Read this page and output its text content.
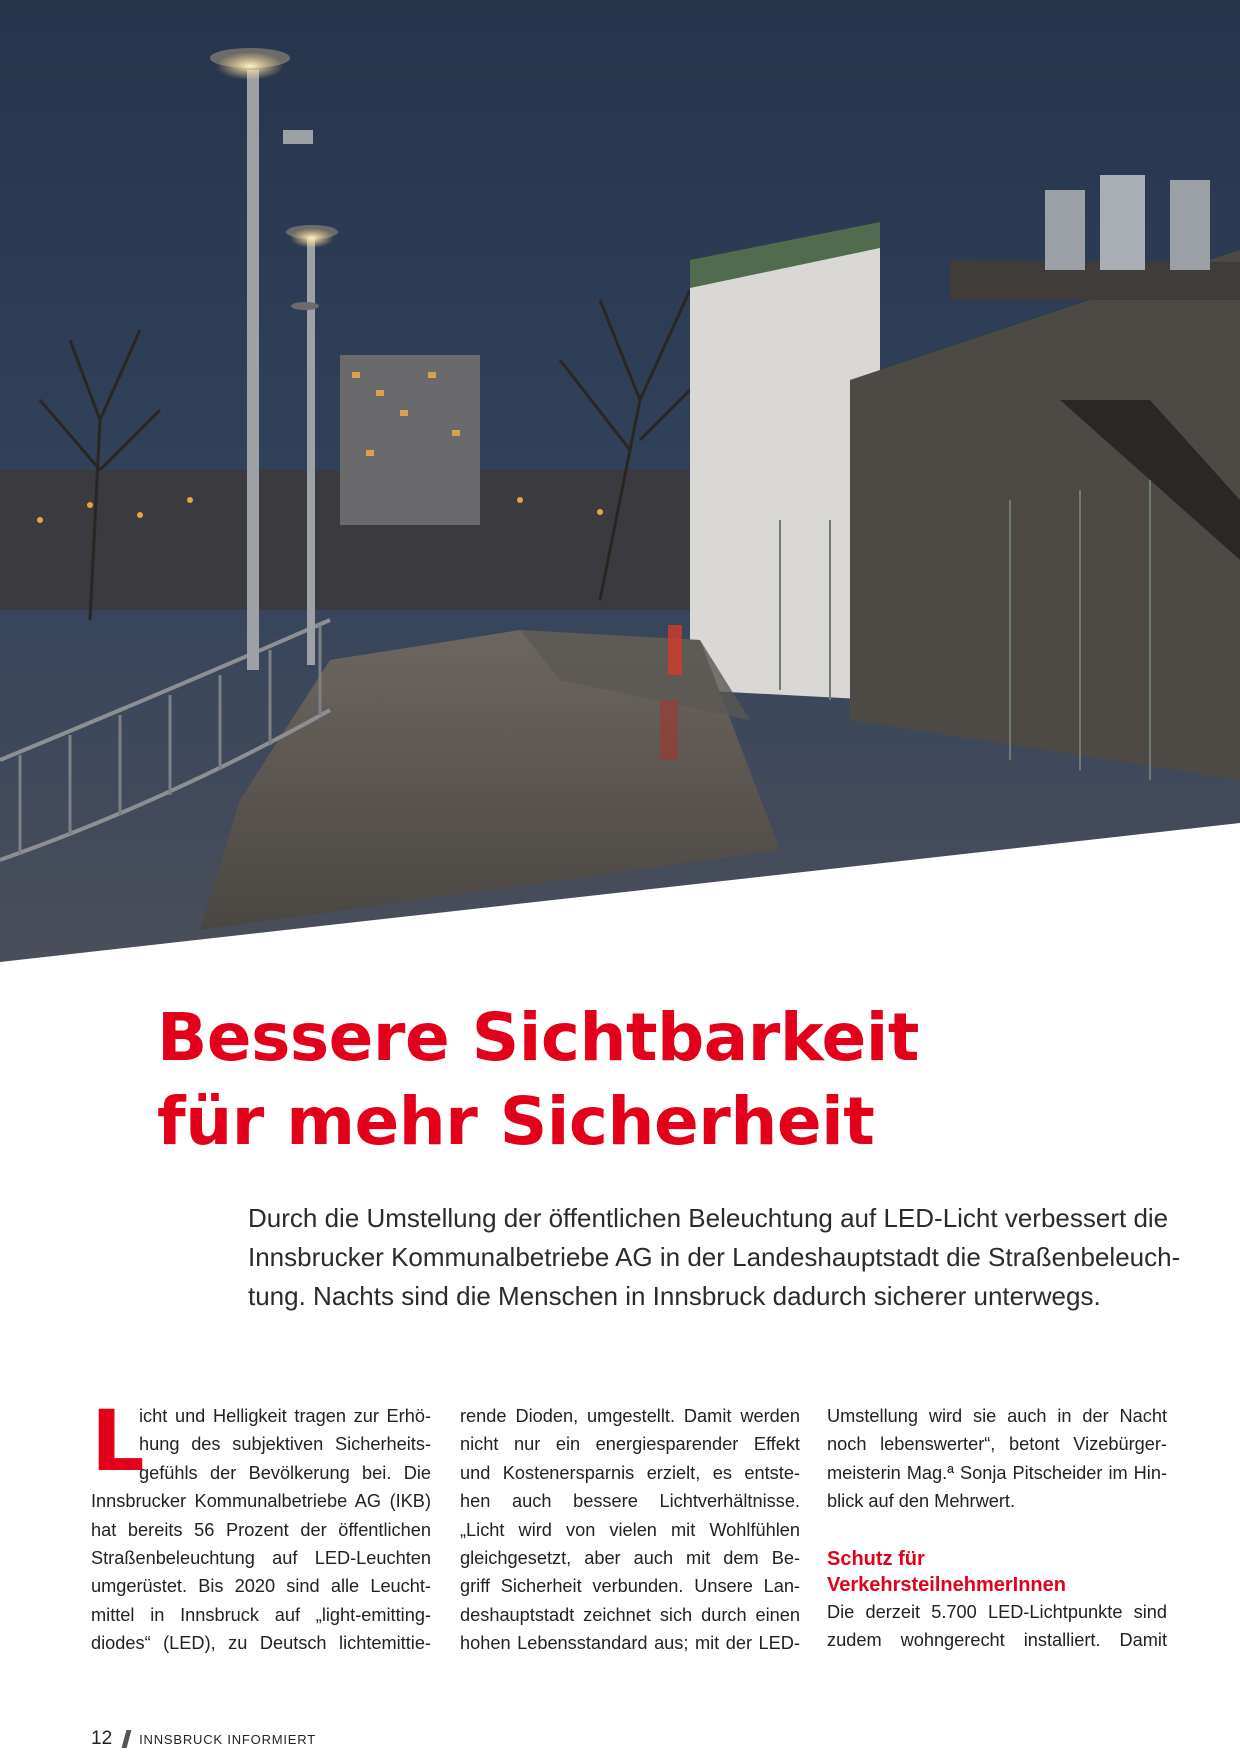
Bessere Sichtbarkeit
für mehr Sicherheit

Durch die Umstellung der öffentlichen Beleuchtung auf LED-Licht verbessert die
Innsbrucker Kommunalbetriebe AG in der Landeshauptstadt die Straßenbeleuch-
tung. Nachts sind die Menschen in Innsbruck dadurch sicherer unterwegs.

L
icht und Helligkeit tragen zur Erhö-
hung des subjektiven Sicherheits-
gefühls der Bevölkerung bei. Die
Innsbrucker Kommunalbetriebe AG (IKB)
hat bereits 56 Prozent der öffentlichen
Straßenbeleuchtung auf LED-Leuchten
umgerüstet. Bis 2020 sind alle Leucht-
mittel in Innsbruck auf „light-emitting-
diodes“ (LED), zu Deutsch lichtemittie-
rende Dioden, umgestellt. Damit werden
nicht nur ein energiesparender Effekt
und Kostenersparnis erzielt, es entste-
hen auch bessere Lichtverhältnisse.
„Licht wird von vielen mit Wohlfühlen
gleichgesetzt, aber auch mit dem Be-
griff Sicherheit verbunden. Unsere Lan-
deshauptstadt zeichnet sich durch einen
hohen Lebensstandard aus; mit der LED-
Umstellung wird sie auch in der Nacht
noch lebenswerter“, betont Vizebürger-
meisterin Mag.ª Sonja Pitscheider im Hin-
blick auf den Mehrwert.
Schutz für
VerkehrsteilnehmerInnen
Die derzeit 5.700 LED-Lichtpunkte sind
zudem wohngerecht installiert. Damit
12 INNSBRUCK INFORMIERT
